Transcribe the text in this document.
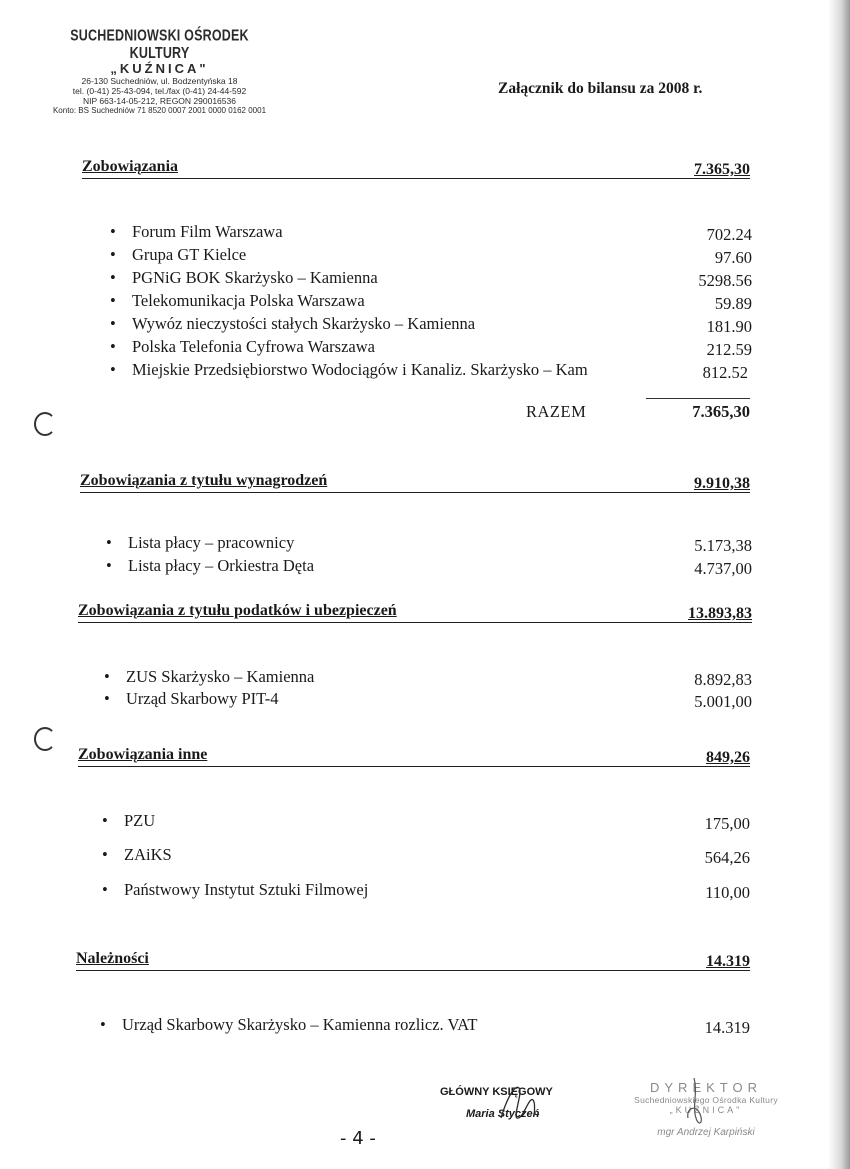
SUCHEDNIOWSKI OŚRODEK KULTURY
„KUŹNICA"
26-130 Suchedniów, ul. Bodzentyńska 18
tel. (0-41) 25-43-094, tel./fax (0-41) 24-44-592
NIP 663-14-05-212, REGON 290016536
Konto: BS Suchedniów 71 8520 0007 2001 0000 0162 0001
Załącznik do bilansu za 2008 r.
Zobowiązania	7.365,30
• Forum Film Warszawa	702.24
• Grupa GT Kielce	97.60
• PGNiG BOK Skarżysko – Kamienna	5298.56
• Telekomunikacja Polska Warszawa	59.89
• Wywóz nieczystości stałych Skarżysko – Kamienna	181.90
• Polska Telefonia Cyfrowa Warszawa	212.59
• Miejskie Przedsiębiorstwo Wodociągów i Kanaliz. Skarżysko – Kam	812.52
RAZEM	7.365,30
Zobowiązania z tytułu wynagrodzeń	9.910,38
• Lista płacy – pracownicy	5.173,38
• Lista płacy – Orkiestra Dęta	4.737,00
Zobowiązania z tytułu podatków i ubezpieczeń	13.893,83
• ZUS Skarżysko – Kamienna	8.892,83
• Urząd Skarbowy PIT-4	5.001,00
Zobowiązania inne	849,26
• PZU	175,00
• ZAiKS	564,26
• Państwowy Instytut Sztuki Filmowej	110,00
Należności	14.319
• Urząd Skarbowy Skarżysko – Kamienna rozlicz. VAT	14.319
GŁÓWNY KSIĘGOWY
Maria Styczeń
DYREKTOR
Suchedniowskiego Ośrodka Kultury
„KUŹNICA"
mgr Andrzej Karpiński
- 4 -
